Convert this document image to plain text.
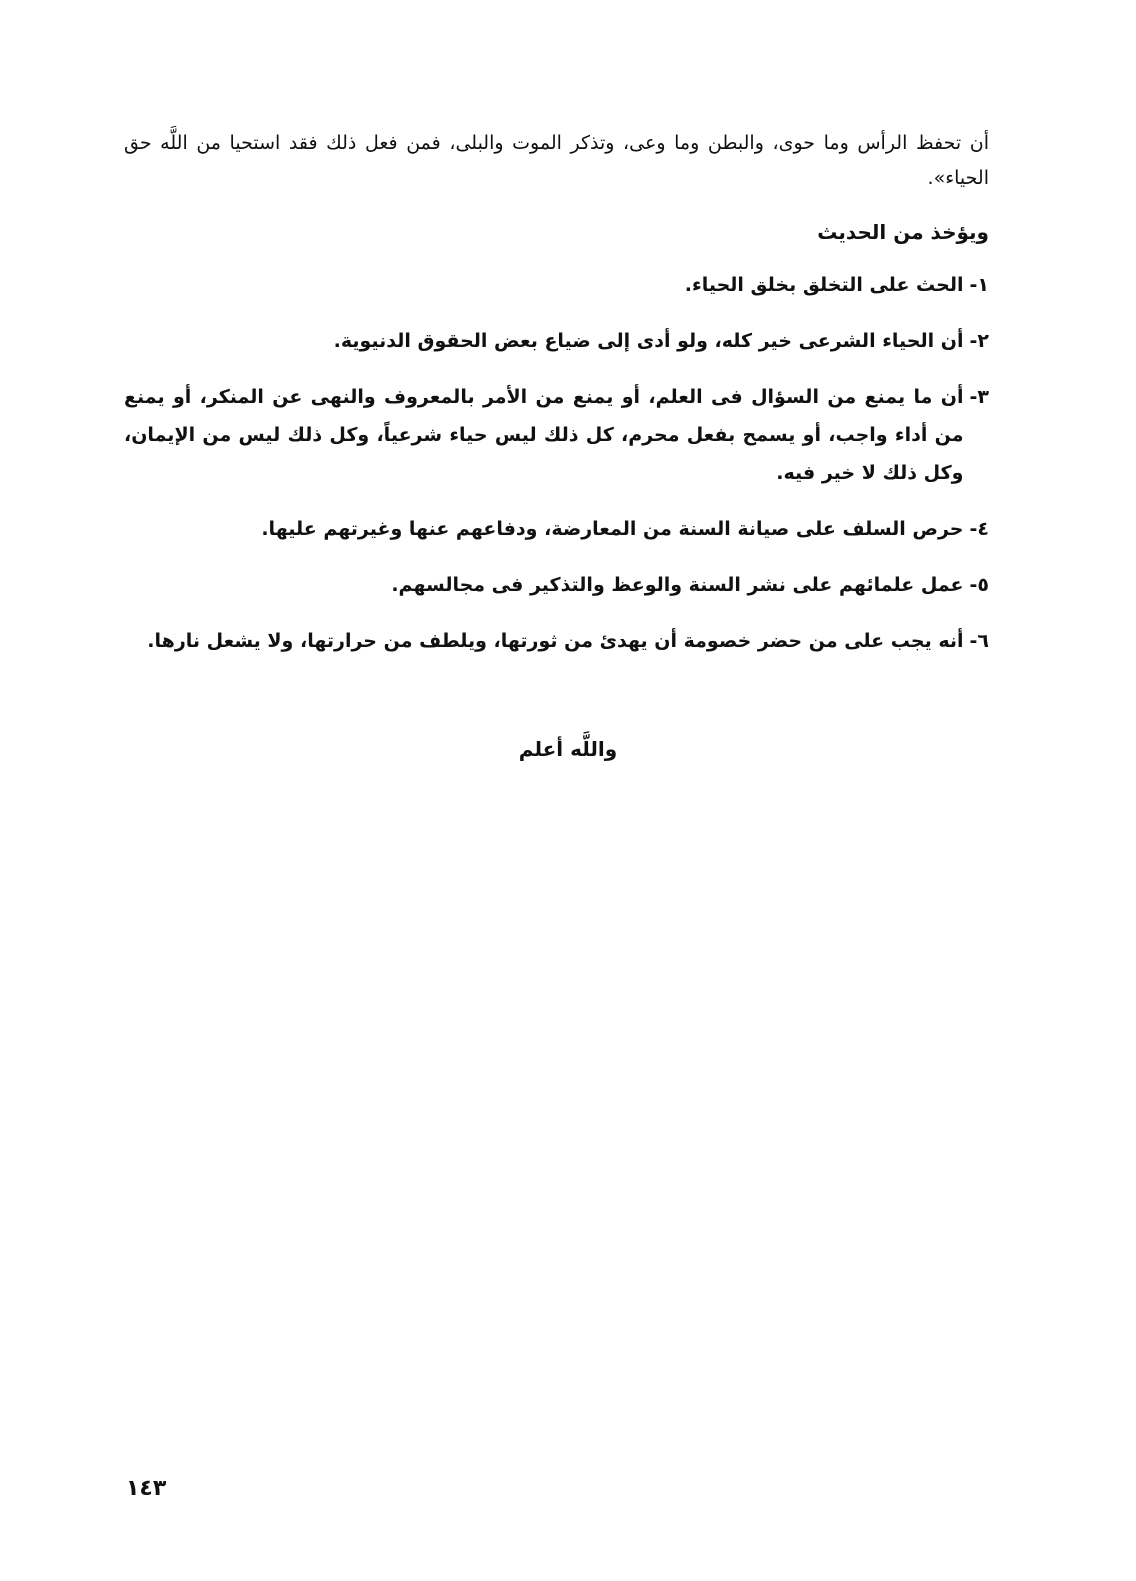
أن تحفظ الرأس وما حوى، والبطن وما وعى، وتذكر الموت والبلى، فمن فعل ذلك فقد استحيا من اللَّه حق الحياء».

ويؤخذ من الحديث
١-
الحث على التخلق بخلق الحياء.
٢-
أن الحياء الشرعى خير كله، ولو أدى إلى ضياع بعض الحقوق الدنيوية.
٣-
أن ما يمنع من السؤال فى العلم، أو يمنع من الأمر بالمعروف والنهى عن المنكر، أو يمنع من أداء واجب، أو يسمح بفعل محرم، كل ذلك ليس حياء شرعياً، وكل ذلك ليس من الإيمان، وكل ذلك لا خير فيه.
٤-
حرص السلف على صيانة السنة من المعارضة، ودفاعهم عنها وغيرتهم عليها.
٥-
عمل علمائهم على نشر السنة والوعظ والتذكير فى مجالسهم.
٦-
أنه يجب على من حضر خصومة أن يهدئ من ثورتها، ويلطف من حرارتها، ولا يشعل نارها.
واللَّه أعلم
١٤٣
